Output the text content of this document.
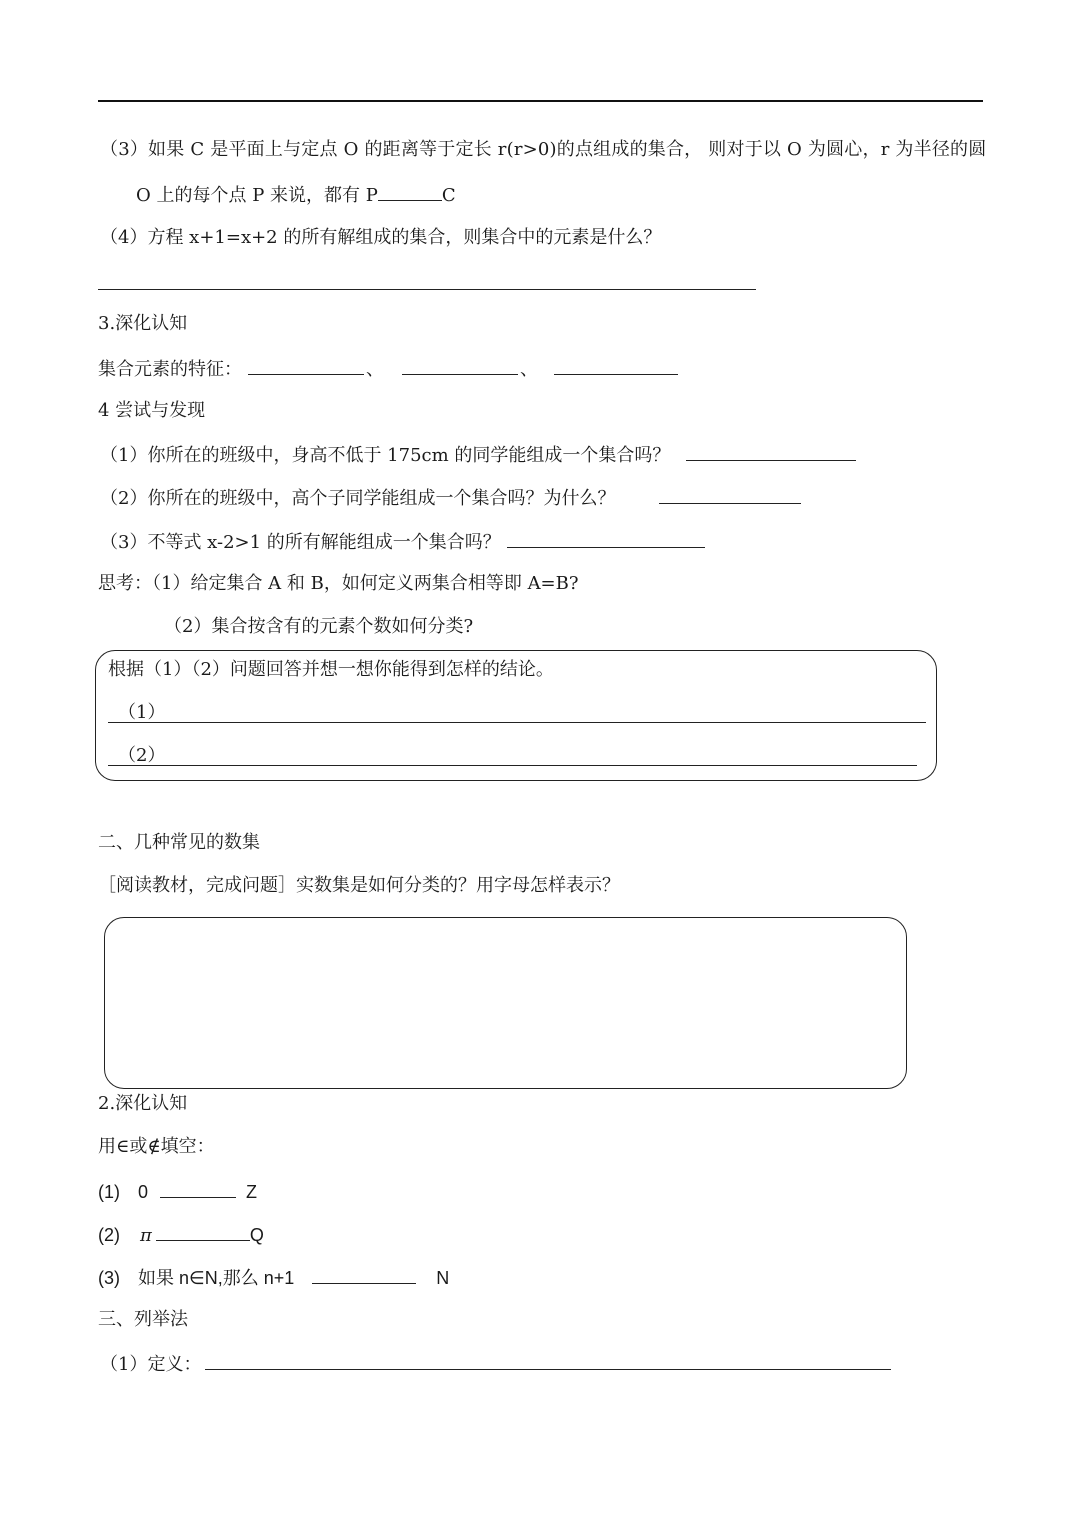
（3）如果 C 是平面上与定点 O 的距离等于定长 r(r>0)的点组成的集合， 则对于以 O 为圆心，r 为半径的圆
O 上的每个点 P 来说，都有 P	C
（4）方程 x+1=x+2 的所有解组成的集合，则集合中的元素是什么？
3.深化认知
集合元素的特征：	、	、
4 尝试与发现
（1）你所在的班级中，身高不低于 175cm 的同学能组成一个集合吗？
（2）你所在的班级中，高个子同学能组成一个集合吗？为什么？
（3）不等式 x-2>1 的所有解能组成一个集合吗？
思考：（1）给定集合 A 和 B，如何定义两集合相等即 A=B?
（2）集合按含有的元素个数如何分类?
根据（1）（2）问题回答并想一想你能得到怎样的结论。
（1）
（2）
二、几种常见的数集
［阅读教材，完成问题］实数集是如何分类的？用字母怎样表示？
2.深化认知
用∈或∉填空：
(1) 0	Z
(2) π	Q
(3) 如果 n∈N,那么 n+1	N
三、列举法
（1）定义：
